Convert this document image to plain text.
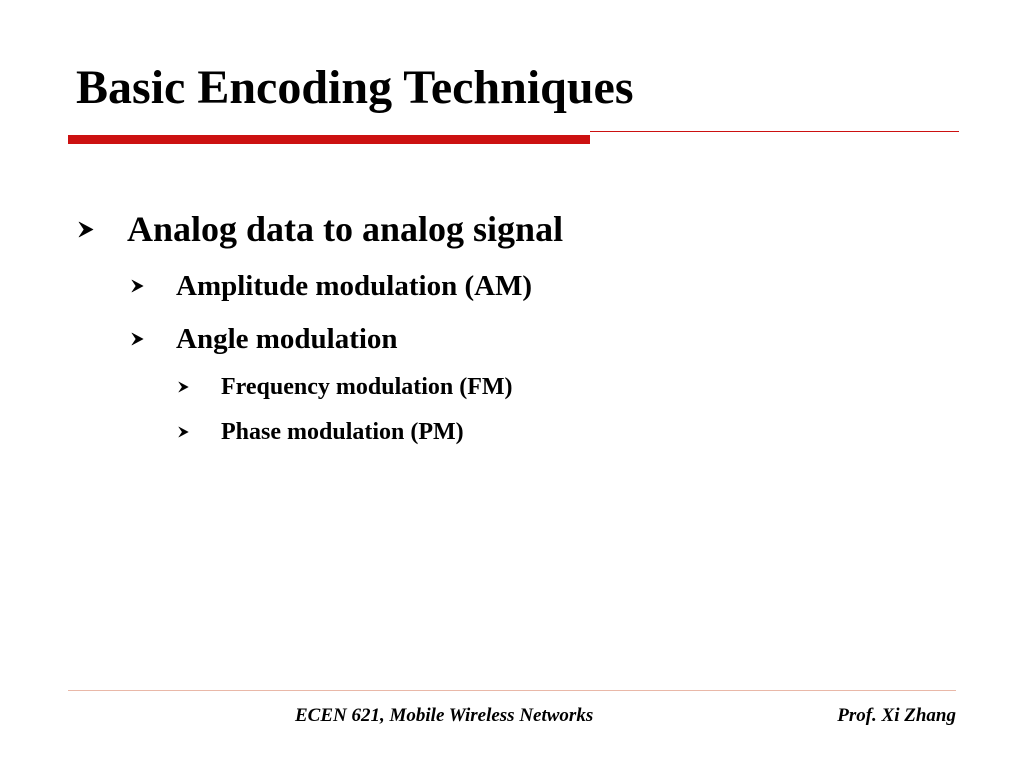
Basic Encoding Techniques
Analog data to analog signal
Amplitude modulation (AM)
Angle modulation
Frequency modulation (FM)
Phase modulation (PM)
ECEN 621, Mobile Wireless Networks	Prof. Xi Zhang
